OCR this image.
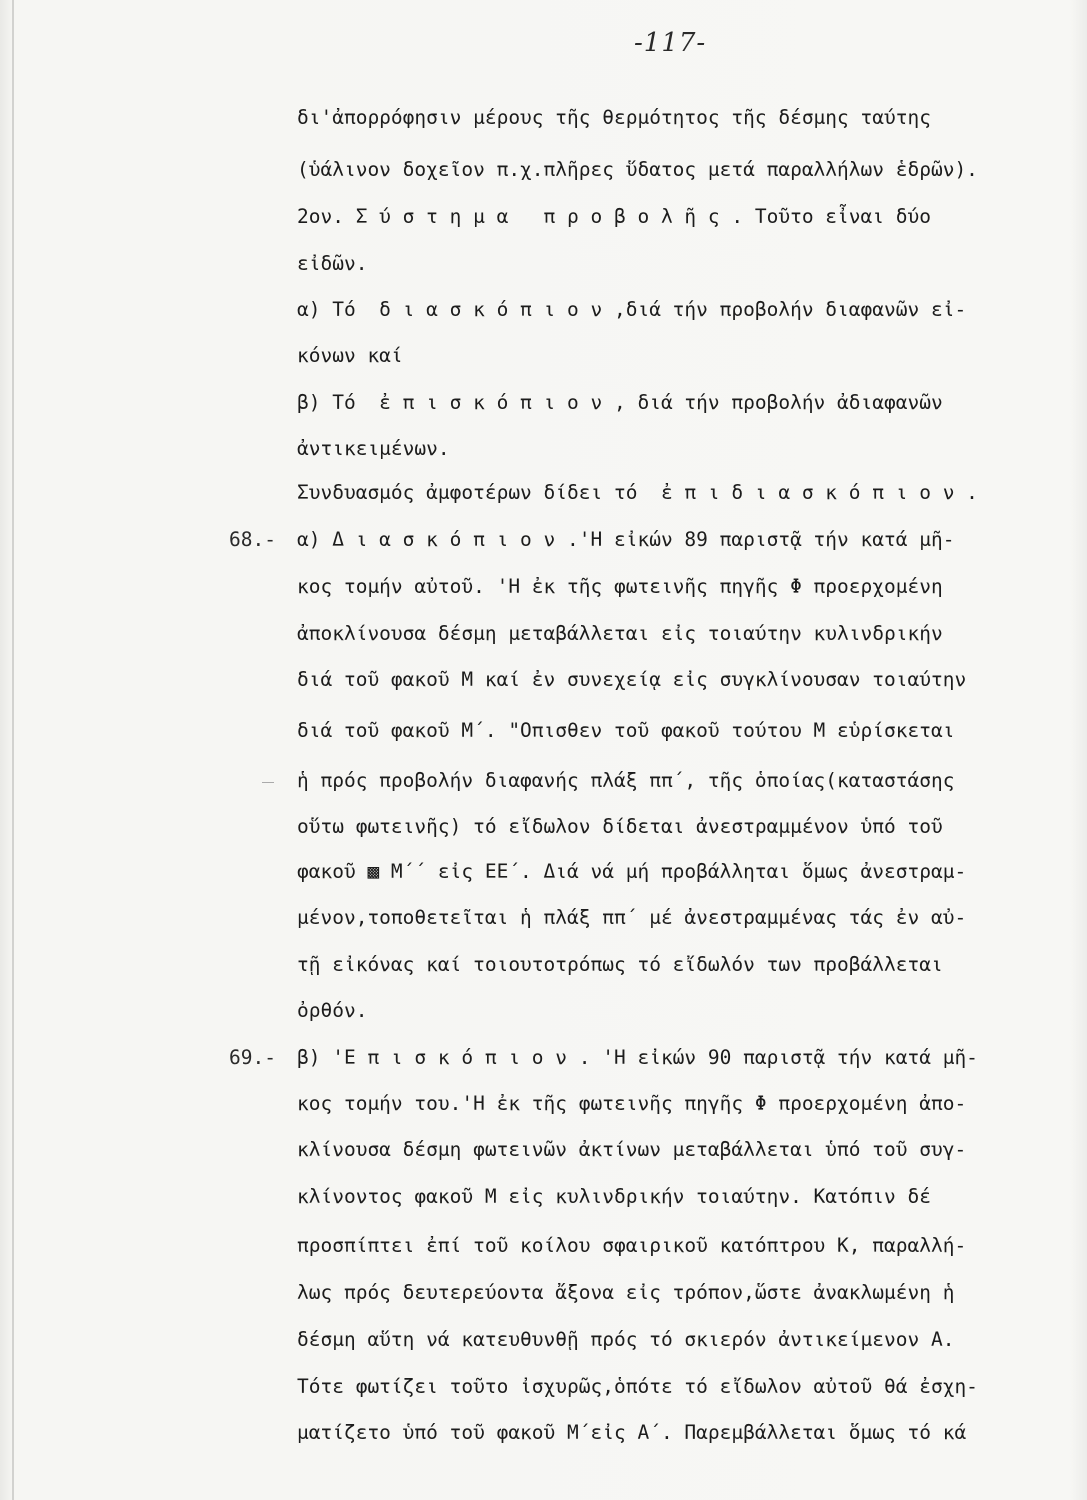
-117-
68.-
69.-
δι'ἀπορρόφησιν μέρους τῆς θερμότητος τῆς δέσμης ταύτης
(ὑάλινον δοχεῖον π.χ.πλῆρες ὕδατος μετά παραλλήλων ἑδρῶν).
2ον. Σ ύ σ τ η μ α   π ρ ο β ο λ ῆ ς . Τοῦτο εἶναι δύο
εἰδῶν.
α) Τό  δ ι α σ κ ό π ι ο ν ,διά τήν προβολήν διαφανῶν εἰ-
κόνων καί
β) Τό  ἐ π ι σ κ ό π ι ο ν , διά τήν προβολήν ἀδιαφανῶν
ἀντικειμένων.
Συνδυασμός ἀμφοτέρων δίδει τό  ἐ π ι δ ι α σ κ ό π ι ο ν .
α) Δ ι α σ κ ό π ι ο ν .'Η εἰκών 89 παριστᾷ τήν κατά μῆ-
κος τομήν αὐτοῦ. 'Η ἐκ τῆς φωτεινῆς πηγῆς Φ προερχομένη
ἀποκλίνουσα δέσμη μεταβάλλεται εἰς τοιαύτην κυλινδρικήν
διά τοῦ φακοῦ Μ καί ἐν συνεχείᾳ εἰς συγκλίνουσαν τοιαύτην
διά τοῦ φακοῦ Μ΄. "Οπισθεν τοῦ φακοῦ τούτου Μ εὑρίσκεται
ἡ πρός προβολήν διαφανής πλάξ ππ΄, τῆς ὁποίας(καταστάσης
οὕτω φωτεινῆς) τό εἴδωλον δίδεται ἀνεστραμμένον ὑπό τοῦ
φακοῦ ▩ Μ΄΄ εἰς ΕΕ΄. Διά νά μή προβάλληται ὅμως ἀνεστραμ-
μένον,τοποθετεῖται ἡ πλάξ ππ΄ μέ ἀνεστραμμένας τάς ἐν αὐ-
τῇ εἰκόνας καί τοιουτοτρόπως τό εἴδωλόν των προβάλλεται
ὀρθόν.
β) 'Ε π ι σ κ ό π ι ο ν . 'Η εἰκών 90 παριστᾷ τήν κατά μῆ-
κος τομήν του.'Η ἐκ τῆς φωτεινῆς πηγῆς Φ προερχομένη ἀπο-
κλίνουσα δέσμη φωτεινῶν ἀκτίνων μεταβάλλεται ὑπό τοῦ συγ-
κλίνοντος φακοῦ Μ εἰς κυλινδρικήν τοιαύτην. Κατόπιν δέ
προσπίπτει ἐπί τοῦ κοίλου σφαιρικοῦ κατόπτρου Κ, παραλλή-
λως πρός δευτερεύοντα ἄξονα εἰς τρόπον,ὥστε ἀνακλωμένη ἡ
δέσμη αὕτη νά κατευθυνθῇ πρός τό σκιερόν ἀντικείμενον Α.
Τότε φωτίζει τοῦτο ἰσχυρῶς,ὁπότε τό εἴδωλον αὐτοῦ θά ἐσχη-
ματίζετο ὑπό τοῦ φακοῦ Μ΄εἰς Α΄. Παρεμβάλλεται ὅμως τό κά
